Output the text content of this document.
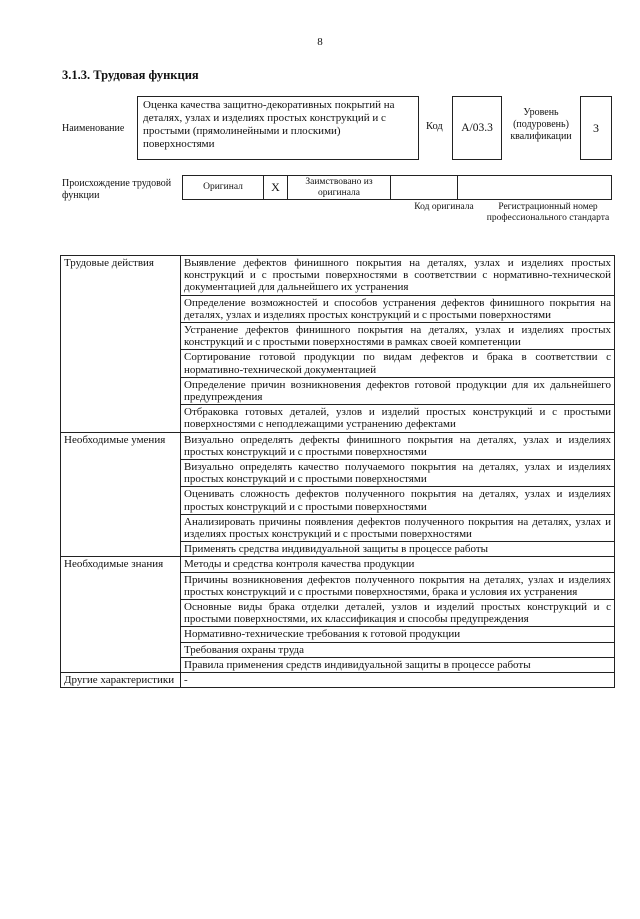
8
3.1.3. Трудовая функция
Наименование
Оценка качества защитно-декоративных покрытий на деталях, узлах и изделиях простых конструкций и с простыми (прямолинейными и плоскими) поверхностями
Код	A/03.3
Уровень (подуровень) квалификации
3
Происхождение трудовой функции
Оригинал X	Заимствовано из оригинала
Код оригинала	Регистрационный номер профессионального стандарта
Трудовые действия	Выявление дефектов финишного покрытия на деталях, узлах и изделиях простых конструкций и с простыми поверхностями в соответствии с нормативно-технической документацией для дальнейшего их устранения
	Определение возможностей и способов устранения дефектов финишного покрытия на деталях, узлах и изделиях простых конструкций и с простыми поверхностями
	Устранение дефектов финишного покрытия на деталях, узлах и изделиях простых конструкций и с простыми поверхностями в рамках своей компетенции
	Сортирование готовой продукции по видам дефектов и брака в соответствии с нормативно-технической документацией
	Определение причин возникновения дефектов готовой продукции для их дальнейшего предупреждения
	Отбраковка готовых деталей, узлов и изделий простых конструкций и с простыми поверхностями с неподлежащими устранению дефектами
Необходимые умения	Визуально определять дефекты финишного покрытия на деталях, узлах и изделиях простых конструкций и с простыми поверхностями
	Визуально определять качество получаемого покрытия на деталях, узлах и изделиях простых конструкций и с простыми поверхностями
	Оценивать сложность дефектов полученного покрытия на деталях, узлах и изделиях простых конструкций и с простыми поверхностями
	Анализировать причины появления дефектов полученного покрытия на деталях, узлах и изделиях простых конструкций и с простыми поверхностями
	Применять средства индивидуальной защиты в процессе работы
Необходимые знания	Методы и средства контроля качества продукции
	Причины возникновения дефектов полученного покрытия на деталях, узлах и изделиях простых конструкций и с простыми поверхностями, брака и условия их устранения
	Основные виды брака отделки деталей, узлов и изделий простых конструкций и с простыми поверхностями, их классификация и способы предупреждения
	Нормативно-технические требования к готовой продукции
	Требования охраны труда
	Правила применения средств индивидуальной защиты в процессе работы
Другие характеристики	-
